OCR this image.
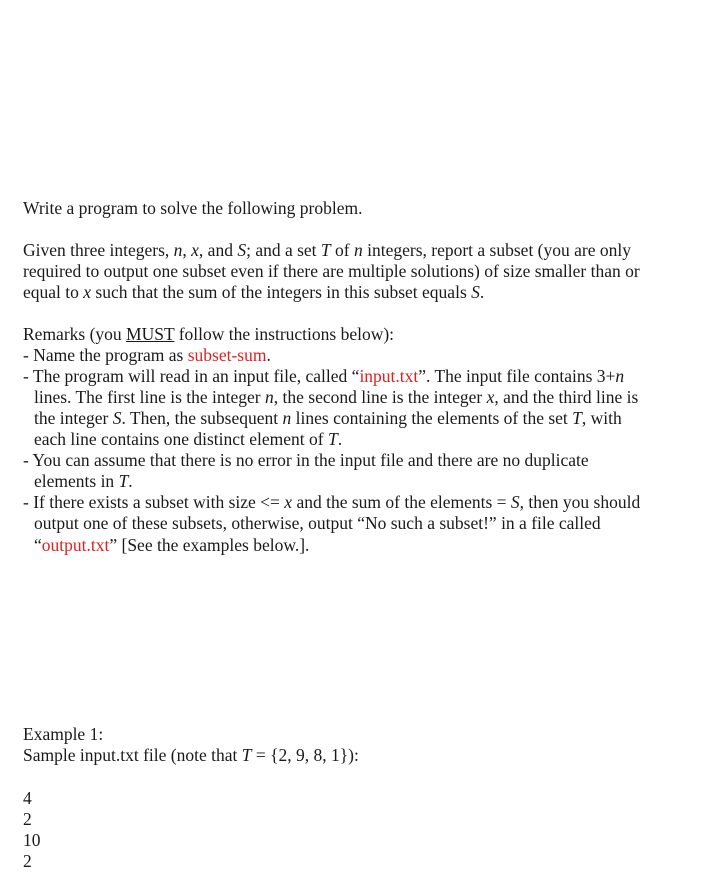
Write a program to solve the following problem.
Given three integers, n, x, and S; and a set T of n integers, report a subset (you are only
required to output one subset even if there are multiple solutions) of size smaller than or
equal to x such that the sum of the integers in this subset equals S.
Remarks (you MUST follow the instructions below):
- Name the program as subset-sum.
- The program will read in an input file, called “input.txt”. The input file contains 3+n
lines. The first line is the integer n, the second line is the integer x, and the third line is
the integer S. Then, the subsequent n lines containing the elements of the set T, with
each line contains one distinct element of T.
- You can assume that there is no error in the input file and there are no duplicate
elements in T.
- If there exists a subset with size <= x and the sum of the elements = S, then you should
output one of these subsets, otherwise, output “No such a subset!” in a file called
“output.txt” [See the examples below.].
Example 1:
Sample input.txt file (note that T = {2, 9, 8, 1}):
4
2
10
2
